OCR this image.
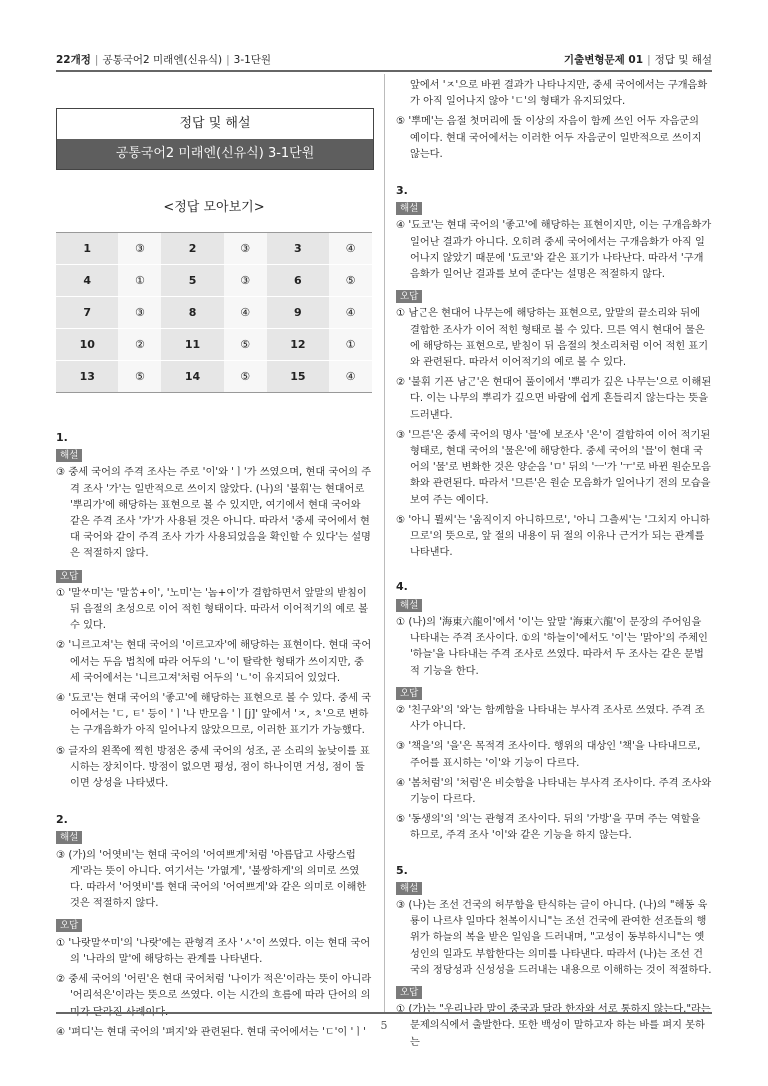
22개정 | 공통국어2 미래엔(신유식) | 3-1단원	기출변형문제 01 | 정답 및 해설
정답 및 해설
공통국어2 미래엔(신유식) 3-1단원
<정답 모아보기>
1	③	2	③	3	④
4	①	5	③	6	⑤
7	③	8	④	9	④
10	②	11	⑤	12	①
13	⑤	14	⑤	15	④
1.
해설
③ 중세 국어의 주격 조사는 주로 '이'와 'ㅣ'가 쓰였으며, 현대 국어의 주격 조사 '가'는 일반적으로 쓰이지 않았다. (나)의 '불휘'는 현대어로 '뿌리가'에 해당하는 표현으로 볼 수 있지만, 여기에서 현대 국어와 같은 주격 조사 '가'가 사용된 것은 아니다. 따라서 '중세 국어에서 현대 국어와 같이 주격 조사 가가 사용되었음을 확인할 수 있다'는 설명은 적절하지 않다.
오답
① '말ᄊᆞ미'는 '말ᄊᆞᆷ+이', '노미'는 '놈+이'가 결합하면서 앞말의 받침이 뒤 음절의 초성으로 이어 적힌 형태이다. 따라서 이어적기의 예로 볼 수 있다.
② '니르고져'는 현대 국어의 '이르고자'에 해당하는 표현이다. 현대 국어에서는 두음 법칙에 따라 어두의 'ㄴ'이 탈락한 형태가 쓰이지만, 중세 국어에서는 '니르고져'처럼 어두의 'ㄴ'이 유지되어 있었다.
④ '됴코'는 현대 국어의 '좋고'에 해당하는 표현으로 볼 수 있다. 중세 국어에서는 'ㄷ, ㅌ' 등이 'ㅣ'나 반모음 'ㅣ[j]' 앞에서 'ㅈ, ㅊ'으로 변하는 구개음화가 아직 일어나지 않았으므로, 이러한 표기가 가능했다.
⑤ 글자의 왼쪽에 찍힌 방점은 중세 국어의 성조, 곧 소리의 높낮이를 표시하는 장치이다. 방점이 없으면 평성, 점이 하나이면 거성, 점이 둘이면 상성을 나타냈다.
2.
해설
③ (가)의 '어엿비'는 현대 국어의 '어여쁘게'처럼 '아름답고 사랑스럽게'라는 뜻이 아니다. 여기서는 '가엾게', '불쌍하게'의 의미로 쓰였다. 따라서 '어엿비'를 현대 국어의 '어여쁘게'와 같은 의미로 이해한 것은 적절하지 않다.
오답
① '나랏말ᄊᆞ미'의 '나랏'에는 관형격 조사 'ㅅ'이 쓰였다. 이는 현대 국어의 '나라의 말'에 해당하는 관계를 나타낸다.
② 중세 국어의 '어린'은 현대 국어처럼 '나이가 적은'이라는 뜻이 아니라 '어리석은'이라는 뜻으로 쓰였다. 이는 시간의 흐름에 따라 단어의 의미가 달라진 사례이다.
④ '펴디'는 현대 국어의 '펴지'와 관련된다. 현대 국어에서는 'ㄷ'이 'ㅣ'
앞에서 'ㅈ'으로 바뀐 결과가 나타나지만, 중세 국어에서는 구개음화가 아직 일어나지 않아 'ㄷ'의 형태가 유지되었다.
⑤ '뿌메'는 음절 첫머리에 둘 이상의 자음이 함께 쓰인 어두 자음군의 예이다. 현대 국어에서는 이러한 어두 자음군이 일반적으로 쓰이지 않는다.
3.
해설
④ '됴코'는 현대 국어의 '좋고'에 해당하는 표현이지만, 이는 구개음화가 일어난 결과가 아니다. 오히려 중세 국어에서는 구개음화가 아직 일어나지 않았기 때문에 '됴코'와 같은 표기가 나타난다. 따라서 '구개음화가 일어난 결과를 보여 준다'는 설명은 적절하지 않다.
오답
① 남ᄀᆞᆫ은 현대어 나무는에 해당하는 표현으로, 앞말의 끝소리와 뒤에 결합한 조사가 이어 적힌 형태로 볼 수 있다. 므른 역시 현대어 물은에 해당하는 표현으로, 받침이 뒤 음절의 첫소리처럼 이어 적힌 표기와 관련된다. 따라서 이어적기의 예로 볼 수 있다.
② '불휘 기픈 남ᄀᆞᆫ'은 현대어 풀이에서 '뿌리가 깊은 나무는'으로 이해된다. 이는 나무의 뿌리가 깊으면 바람에 쉽게 흔들리지 않는다는 뜻을 드러낸다.
③ '므른'은 중세 국어의 명사 '믈'에 보조사 '은'이 결합하여 이어 적기된 형태로, 현대 국어의 '물은'에 해당한다. 중세 국어의 '믈'이 현대 국어의 '물'로 변화한 것은 양순음 'ㅁ' 뒤의 'ㅡ'가 'ㅜ'로 바뀐 원순모음화와 관련된다. 따라서 '므른'은 원순 모음화가 일어나기 전의 모습을 보여 주는 예이다.
⑤ '아니 뮐씨'는 '움직이지 아니하므로', '아니 그츨씨'는 '그치지 아니하므로'의 뜻으로, 앞 절의 내용이 뒤 절의 이유나 근거가 되는 관계를 나타낸다.
4.
해설
① (나)의 '海東六龍이'에서 '이'는 앞말 '海東六龍'이 문장의 주어임을 나타내는 주격 조사이다. ①의 '하늘이'에서도 '이'는 '맑아'의 주체인 '하늘'을 나타내는 주격 조사로 쓰였다. 따라서 두 조사는 같은 문법적 기능을 한다.
오답
② '친구와'의 '와'는 함께함을 나타내는 부사격 조사로 쓰였다. 주격 조사가 아니다.
③ '책을'의 '을'은 목적격 조사이다. 행위의 대상인 '책'을 나타내므로, 주어를 표시하는 '이'와 기능이 다르다.
④ '봄처럼'의 '처럼'은 비슷함을 나타내는 부사격 조사이다. 주격 조사와 기능이 다르다.
⑤ '동생의'의 '의'는 관형격 조사이다. 뒤의 '가방'을 꾸며 주는 역할을 하므로, 주격 조사 '이'와 같은 기능을 하지 않는다.
5.
해설
③ (나)는 조선 건국의 허무함을 탄식하는 글이 아니다. (나)의 "해동 육룡이 나르샤 일마다 천복이시니"는 조선 건국에 관여한 선조들의 행위가 하늘의 복을 받은 일임을 드러내며, "고성이 동부하시니"는 옛 성인의 일과도 부합한다는 의미를 나타낸다. 따라서 (나)는 조선 건국의 정당성과 신성성을 드러내는 내용으로 이해하는 것이 적절하다.
오답
① (가)는 "우리나라 말이 중국과 달라 한자와 서로 통하지 않는다."라는 문제의식에서 출발한다. 또한 백성이 말하고자 하는 바를 펴지 못하는
5
